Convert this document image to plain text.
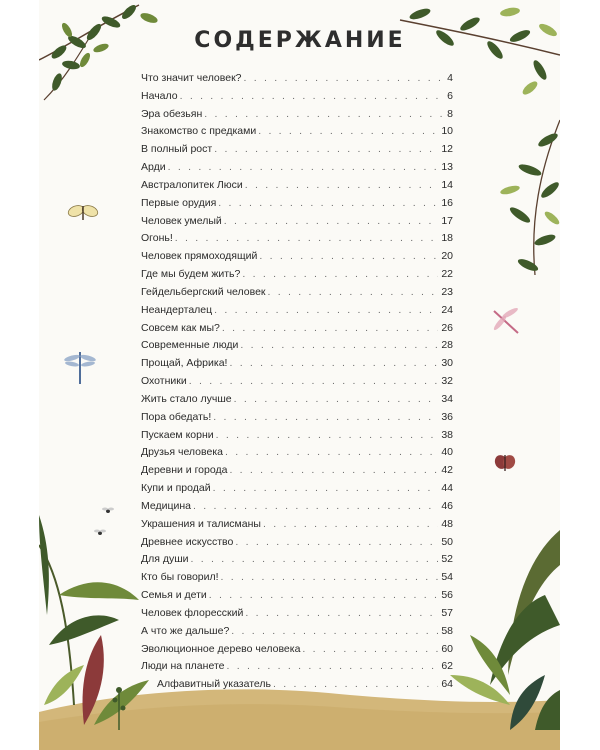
СОДЕРЖАНИЕ
Что значит человек? . . .	4
Начало . . .	6
Эра обезьян . . .	8
Знакомство с предками . . .	10
В полный рост . . .	12
Арди . . .	13
Австралопитек Люси . . .	14
Первые орудия . . .	16
Человек умелый . . .	17
Огонь! . . .	18
Человек прямоходящий . . .	20
Где мы будем жить? . . .	22
Гейдельбергский человек . . .	23
Неандерталец . . .	24
Совсем как мы? . . .	26
Современные люди . . .	28
Прощай, Африка! . . .	30
Охотники . . .	32
Жить стало лучше . . .	34
Пора обедать! . . .	36
Пускаем корни . . .	38
Друзья человека . . .	40
Деревни и города . . .	42
Купи и продай . . .	44
Медицина . . .	46
Украшения и талисманы . . .	48
Древнее искусство . . .	50
Для души . . .	52
Кто бы говорил! . . .	54
Семья и дети . . .	56
Человек флоресский . . .	57
А что же дальше? . . .	58
Эволюционное дерево человека . . .	60
Люди на планете . . .	62
Алфавитный указатель . . .	64
